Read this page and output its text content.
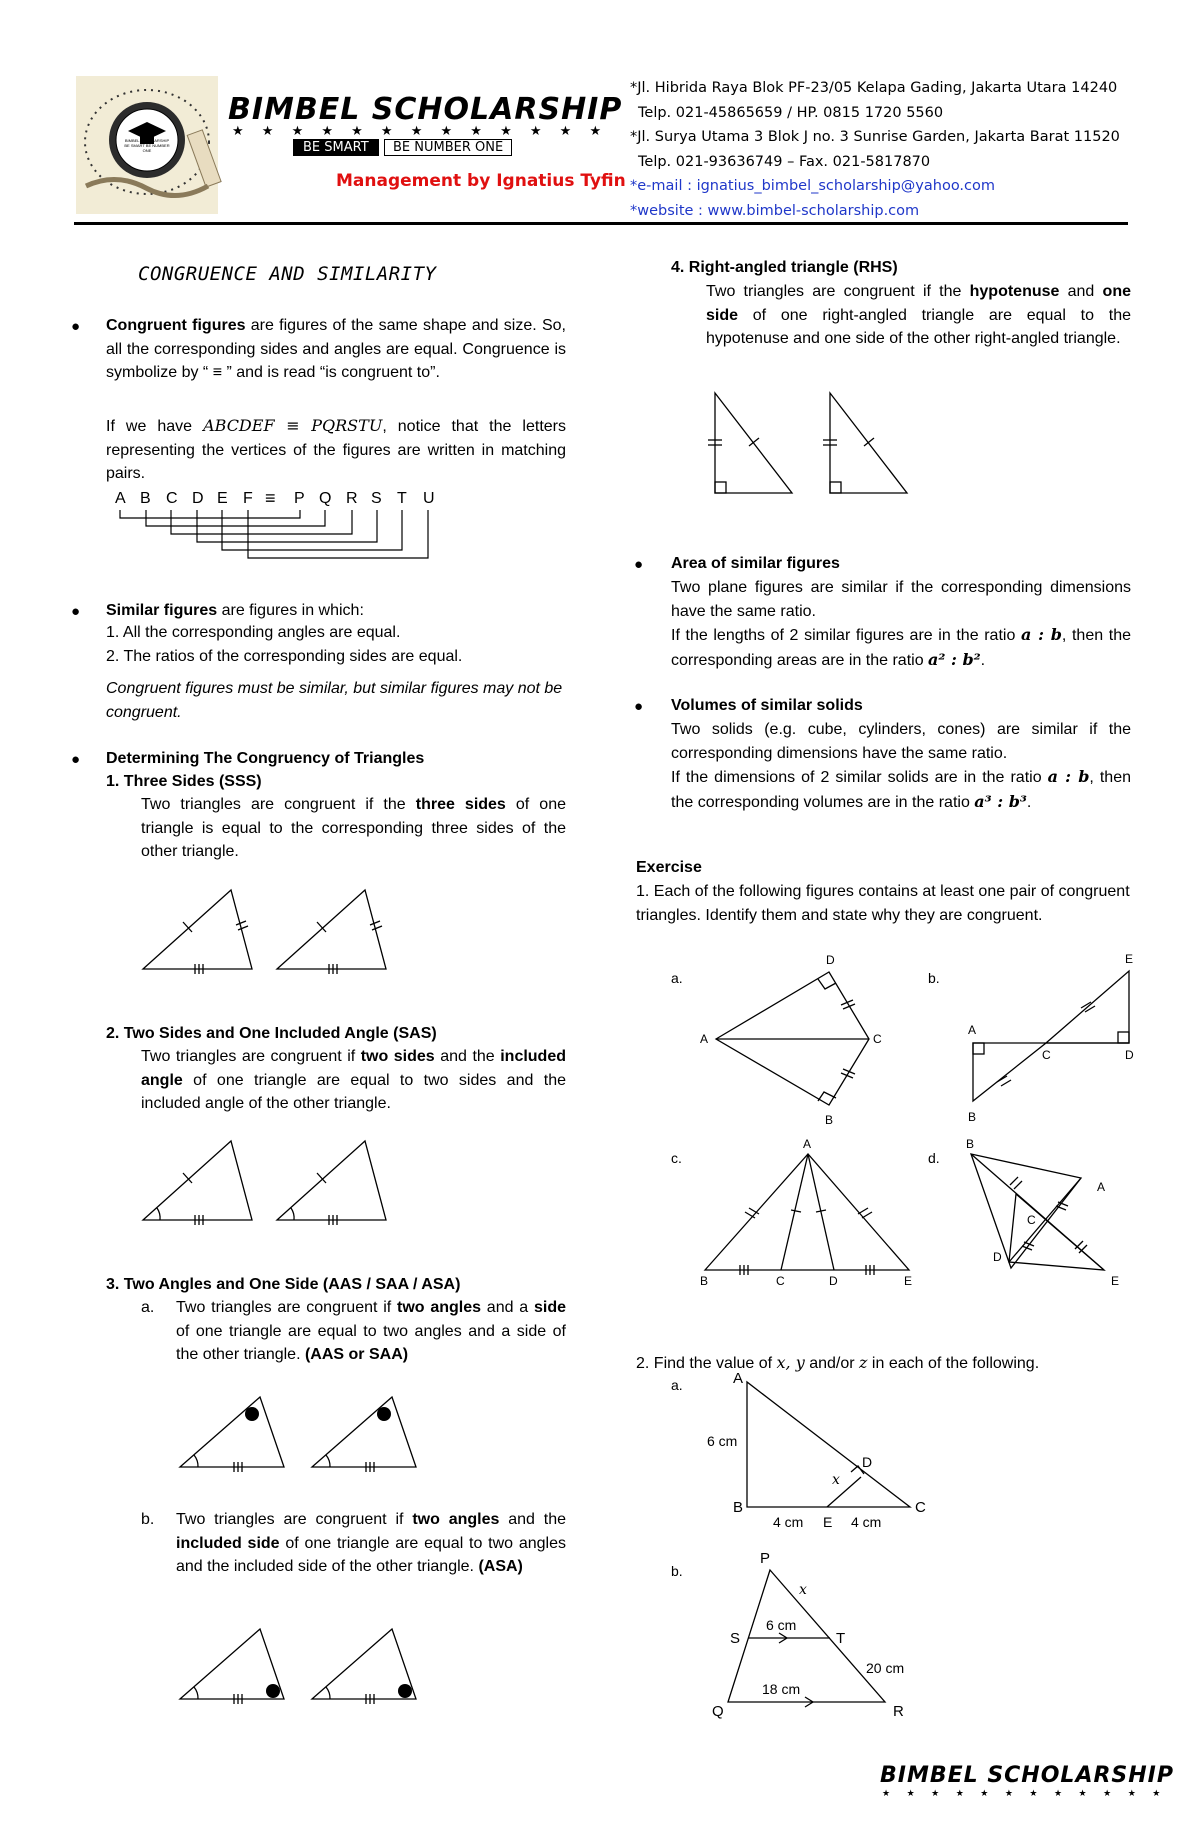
BIMBEL SCHOLARSHIP BE SMART BE NUMBER ONE
BIMBEL SCHOLARSHIP
★ ★ ★ ★ ★ ★ ★ ★ ★ ★ ★ ★ ★
BE SMART	BE NUMBER ONE
Management by Ignatius Tyfin
*Jl. Hibrida Raya Blok PF-23/05 Kelapa Gading, Jakarta Utara 14240
Telp. 021-45865659 / HP. 0815 1720 5560
*Jl. Surya Utama 3 Blok J no. 3 Sunrise Garden, Jakarta Barat 11520
Telp. 021-93636749 – Fax. 021-5817870
*e-mail : ignatius_bimbel_scholarship@yahoo.com
*website : www.bimbel-scholarship.com
CONGRUENCE AND SIMILARITY
● Congruent figures are figures of the same shape and size. So, all the corresponding sides and angles are equal. Congruence is symbolize by “ ≡ ” and is read “is congruent to”.
If we have ABCDEF ≡ PQRSTU, notice that the letters representing the vertices of the figures are written in matching pairs.
A B C D E F ≡ P Q R S T U
● Similar figures are figures in which:
1. All the corresponding angles are equal.
2. The ratios of the corresponding sides are equal.
Congruent figures must be similar, but similar figures may not be congruent.
● Determining The Congruency of Triangles
1. Three Sides (SSS)
Two triangles are congruent if the three sides of one triangle is equal to the corresponding three sides of the other triangle.
2. Two Sides and One Included Angle (SAS)
Two triangles are congruent if two sides and the included angle of one triangle are equal to two sides and the included angle of the other triangle.
3. Two Angles and One Side (AAS / SAA / ASA)
a. Two triangles are congruent if two angles and a side of one triangle are equal to two angles and a side of the other triangle. (AAS or SAA)
b. Two triangles are congruent if two angles and the included side of one triangle are equal to two angles and the included side of the other triangle. (ASA)
4. Right-angled triangle (RHS)
Two triangles are congruent if the hypotenuse and one side of one right-angled triangle are equal to the hypotenuse and one side of the other right-angled triangle.
● Area of similar figures
Two plane figures are similar if the corresponding dimensions have the same ratio.
If the lengths of 2 similar figures are in the ratio a : b, then the corresponding areas are in the ratio a² : b².
● Volumes of similar solids
Two solids (e.g. cube, cylinders, cones) are similar if the corresponding dimensions have the same ratio.
If the dimensions of 2 similar solids are in the ratio a : b, then the corresponding volumes are in the ratio a³ : b³.
Exercise
1. Each of the following figures contains at least one pair of congruent triangles. Identify them and state why they are congruent.
a.	b.
c.	d.
D
A	C
B
E
A
C	D
B
A
B	C	D	E
B
A
C
D
E
2. Find the value of x, y and/or z in each of the following.
a.
b.
A
6 cm
D
x
B	C
4 cm E 4 cm
P
x
6 cm
S	T
20 cm
18 cm
Q	R
BIMBEL SCHOLARSHIP
★ ★ ★ ★ ★ ★ ★ ★ ★ ★ ★ ★
